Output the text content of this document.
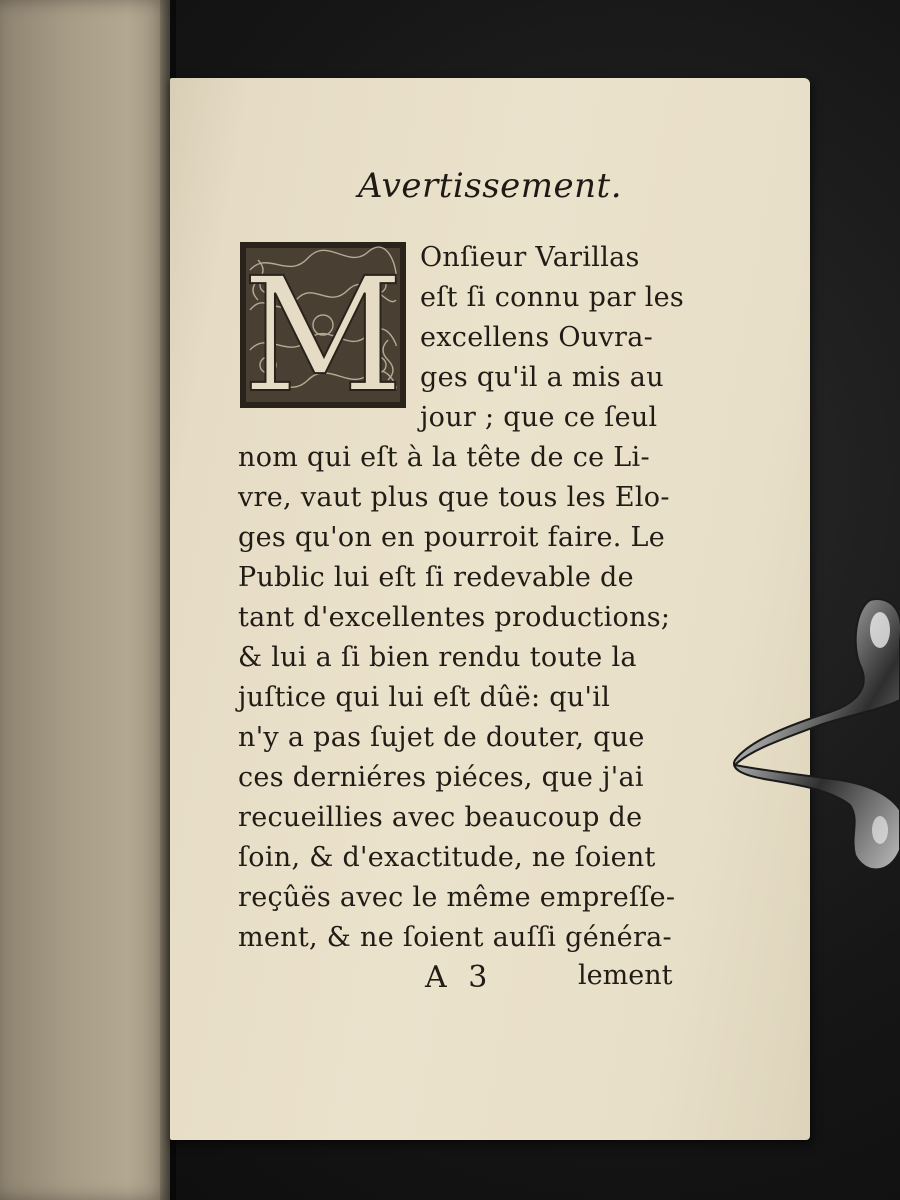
Avertissement.
M Onſieur Varillas
eſt ſi connu par les
excellens Ouvra-
ges qu'il a mis au
jour ; que ce ſeul
nom qui eſt à la tête de ce Li-
vre, vaut plus que tous les Elo-
ges qu'on en pourroit faire. Le
Public lui eſt ſi redevable de
tant d'excellentes productions;
& lui a ſi bien rendu toute la
juſtice qui lui eſt dûë: qu'il
n'y a pas ſujet de douter, que
ces derniéres piéces, que j'ai
recueillies avec beaucoup de
ſoin, & d'exactitude, ne ſoient
reçûës avec le même empreſſe-
ment, & ne ſoient auſſi généra-
A 3	lement
